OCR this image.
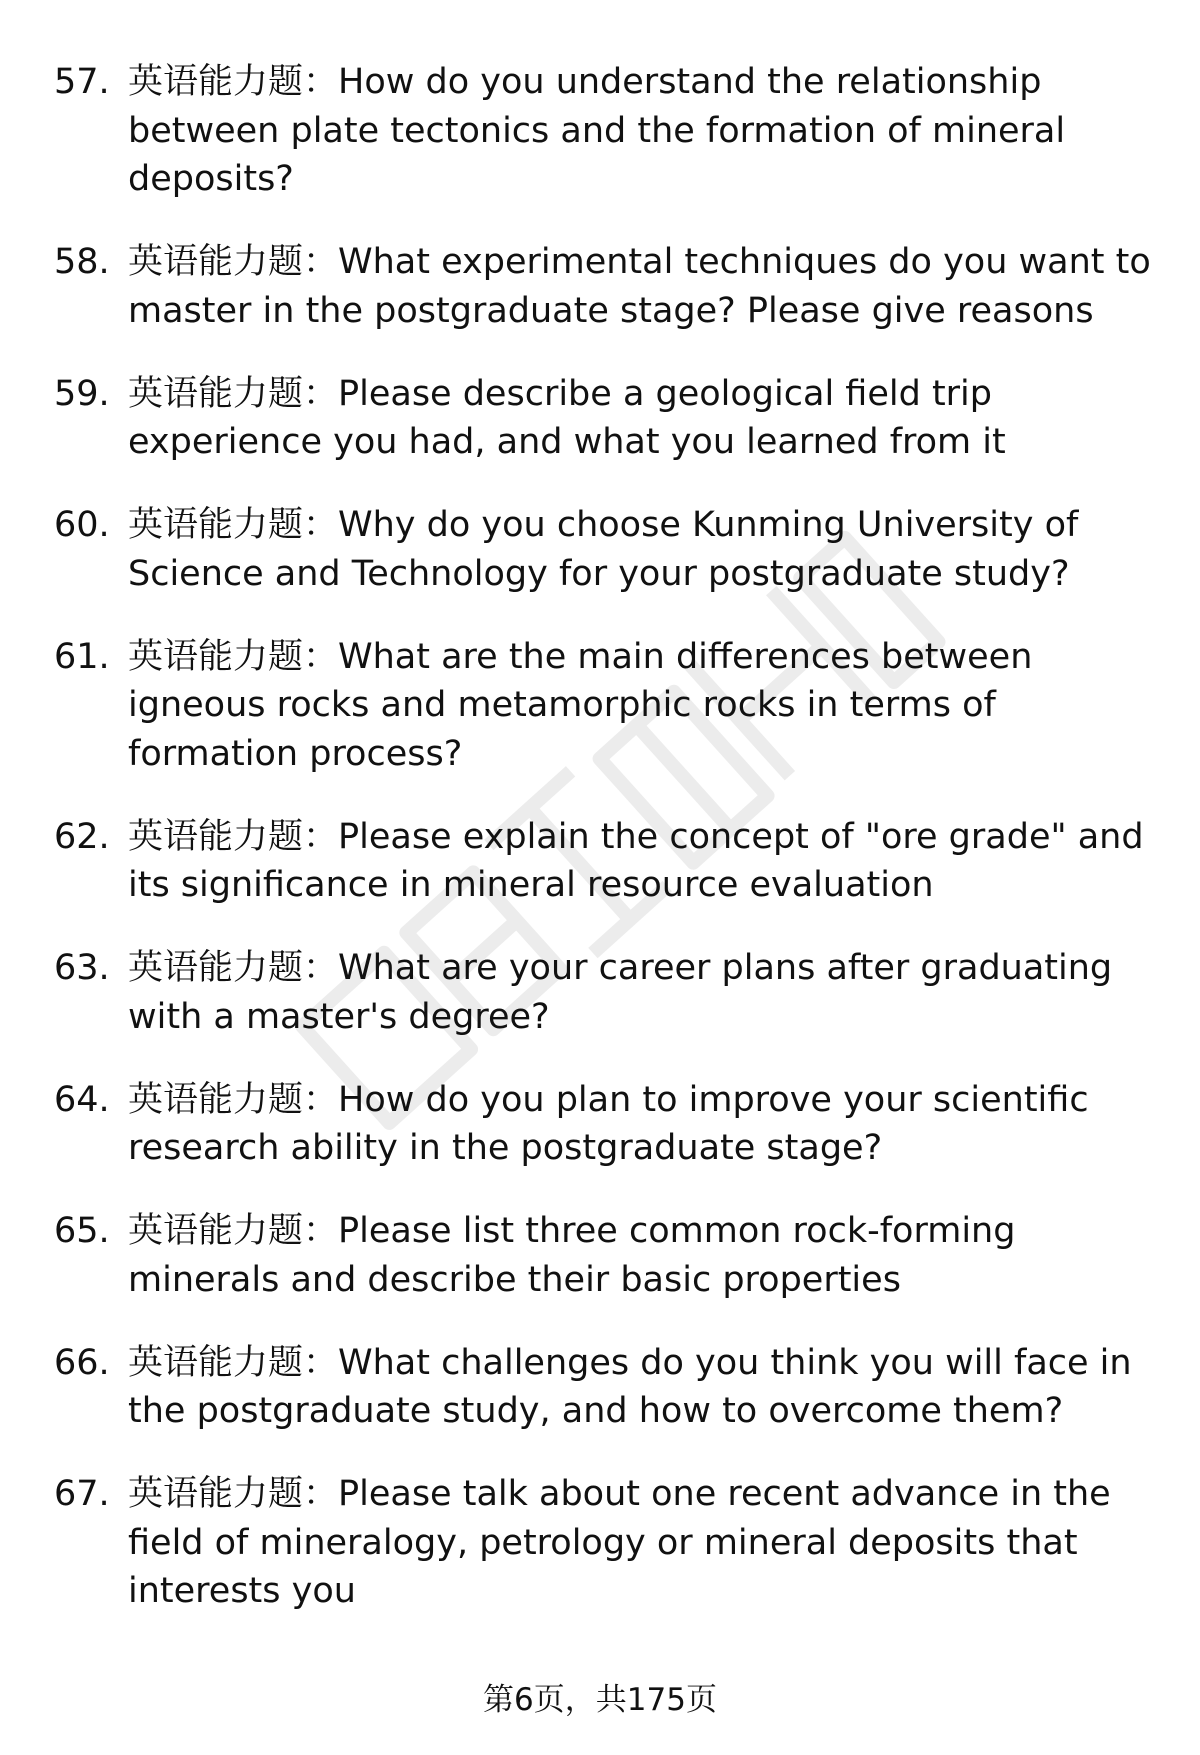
57. 英语能力题：How do you understand the relationship between plate tectonics and the formation of mineral deposits?
58. 英语能力题：What experimental techniques do you want to master in the postgraduate stage? Please give reasons
59. 英语能力题：Please describe a geological field trip experience you had, and what you learned from it
60. 英语能力题：Why do you choose Kunming University of Science and Technology for your postgraduate study?
61. 英语能力题：What are the main differences between igneous rocks and metamorphic rocks in terms of formation process?
62. 英语能力题：Please explain the concept of "ore grade" and its significance in mineral resource evaluation
63. 英语能力题：What are your career plans after graduating with a master's degree?
64. 英语能力题：How do you plan to improve your scientific research ability in the postgraduate stage?
65. 英语能力题：Please list three common rock-forming minerals and describe their basic properties
66. 英语能力题：What challenges do you think you will face in the postgraduate study, and how to overcome them?
67. 英语能力题：Please talk about one recent advance in the field of mineralogy, petrology or mineral deposits that interests you
第6页，共175页
